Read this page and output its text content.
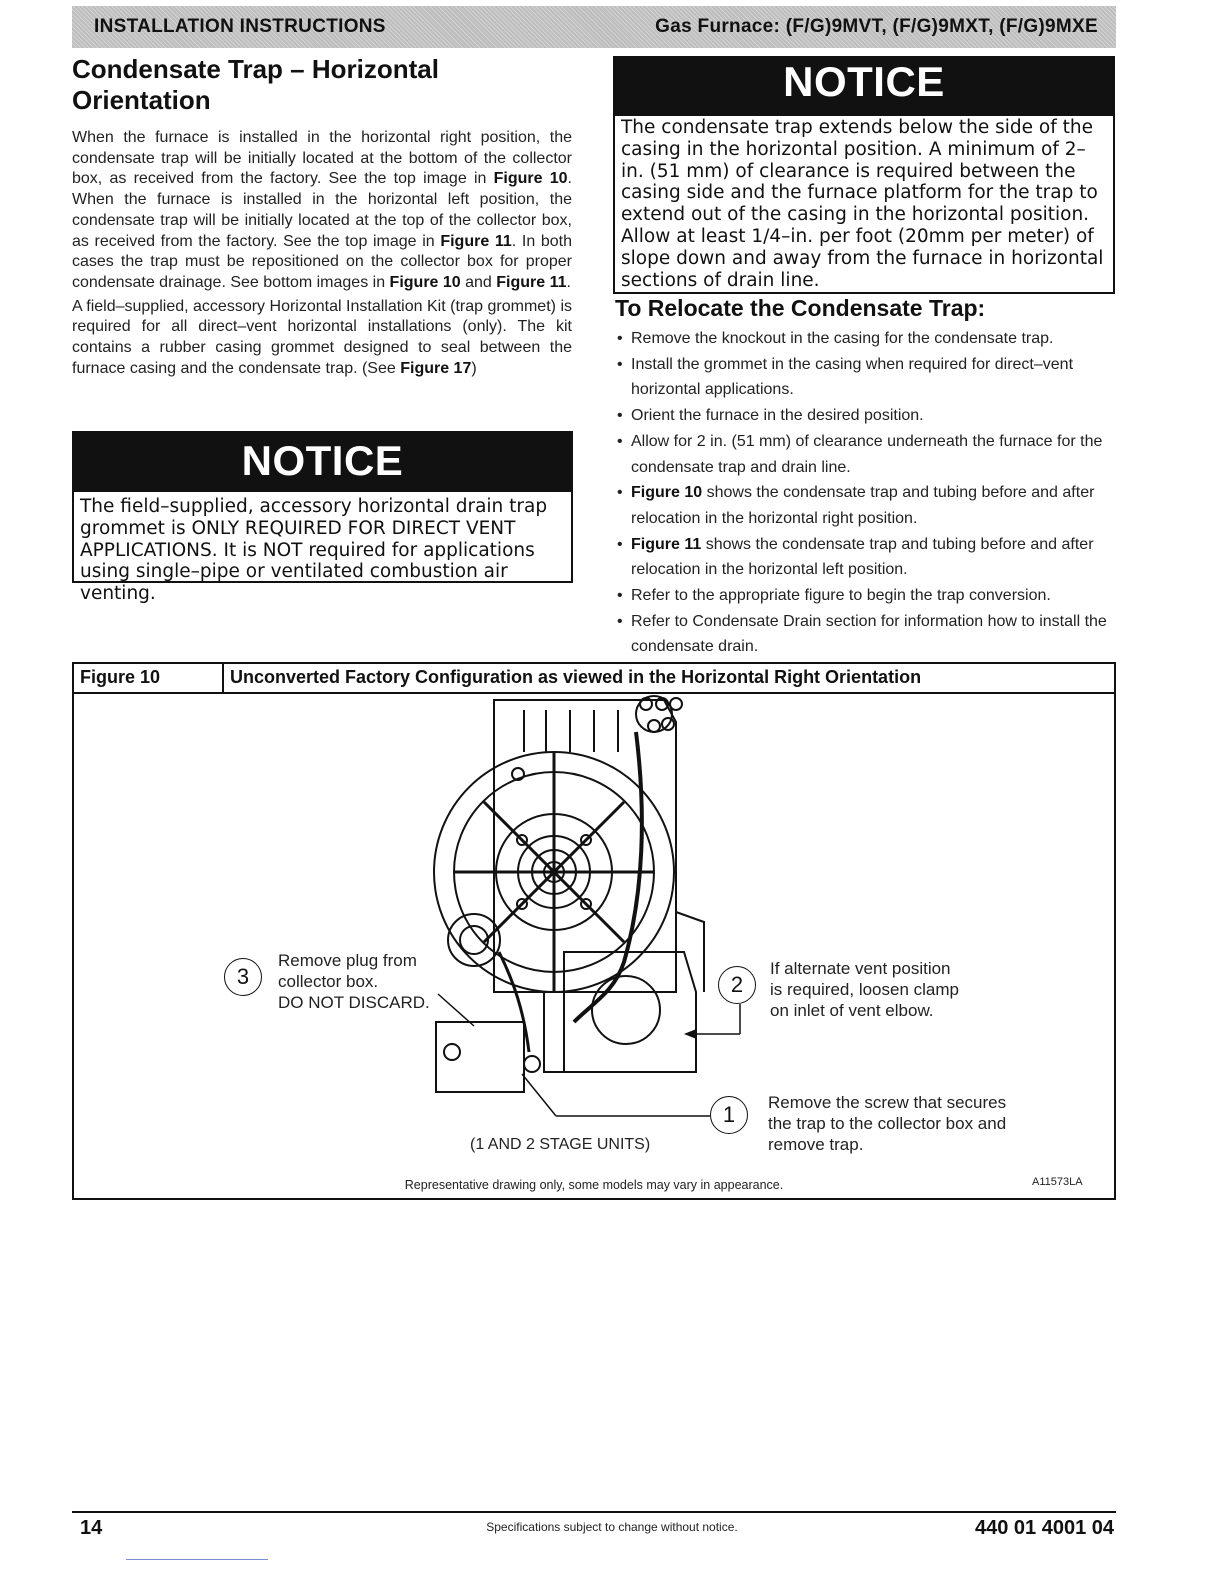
INSTALLATION INSTRUCTIONS	Gas Furnace: (F/G)9MVT, (F/G)9MXT, (F/G)9MXE
Condensate Trap – Horizontal
Orientation

When the furnace is installed in the horizontal right position, the condensate trap will be initially located at the bottom of the collector box, as received from the factory. See the top image in Figure 10. When the furnace is installed in the horizontal left position, the condensate trap will be initially located at the top of the collector box, as received from the factory. See the top image in Figure 11. In both cases the trap must be repositioned on the collector box for proper condensate drainage. See bottom images in Figure 10 and Figure 11.

A field–supplied, accessory Horizontal Installation Kit (trap grommet) is required for all direct–vent horizontal installations (only). The kit contains a rubber casing grommet designed to seal between the furnace casing and the condensate trap. (See Figure 17)

NOTICE
The field–supplied, accessory horizontal drain trap grommet is ONLY REQUIRED FOR DIRECT VENT APPLICATIONS. It is NOT required for applications using single–pipe or ventilated combustion air venting.
NOTICE
The condensate trap extends below the side of the casing in the horizontal position. A minimum of 2–in. (51 mm) of clearance is required between the casing side and the furnace platform for the trap to extend out of the casing in the horizontal position. Allow at least 1/4–in. per foot (20mm per meter) of slope down and away from the furnace in horizontal sections of drain line.
To Relocate the Condensate Trap:
• Remove the knockout in the casing for the condensate trap.
• Install the grommet in the casing when required for direct–vent horizontal applications.
• Orient the furnace in the desired position.
• Allow for 2 in. (51 mm) of clearance underneath the furnace for the condensate trap and drain line.
• Figure 10 shows the condensate trap and tubing before and after relocation in the horizontal right position.
• Figure 11 shows the condensate trap and tubing before and after relocation in the horizontal left position.
• Refer to the appropriate figure to begin the trap conversion.
• Refer to Condensate Drain section for information how to install the condensate drain.
Figure 10	Unconverted Factory Configuration as viewed in the Horizontal Right Orientation
3
Remove plug from
collector box.
DO NOT DISCARD.
2
If alternate vent position
is required, loosen clamp
on inlet of vent elbow.
1	Remove the screw that secures
the trap to the collector box and
remove trap.
(1 AND 2 STAGE UNITS)
Representative drawing only, some models may vary in appearance.	A11573LA
14	Specifications subject to change without notice.	440 01 4001 04
